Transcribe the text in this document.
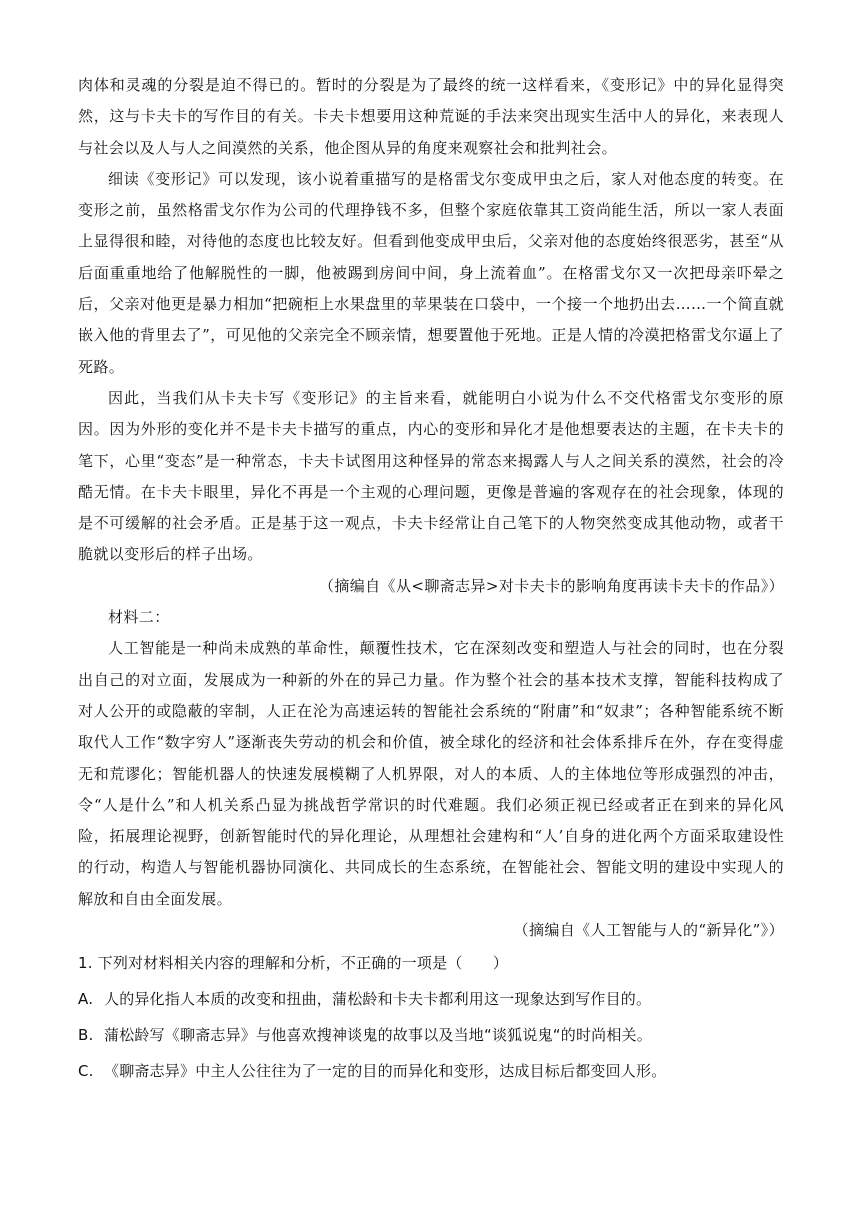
肉体和灵魂的分裂是迫不得已的。暂时的分裂是为了最终的统一这样看来，《变形记》中的异化显得突然，这与卡夫卡的写作目的有关。卡夫卡想要用这种荒诞的手法来突出现实生活中人的异化，来表现人与社会以及人与人之间漠然的关系，他企图从异的角度来观察社会和批判社会。

细读《变形记》可以发现，该小说着重描写的是格雷戈尔变成甲虫之后，家人对他态度的转变。在变形之前，虽然格雷戈尔作为公司的代理挣钱不多，但整个家庭依靠其工资尚能生活，所以一家人表面上显得很和睦，对待他的态度也比较友好。但看到他变成甲虫后，父亲对他的态度始终很恶劣，甚至“从后面重重地给了他解脱性的一脚，他被踢到房间中间，身上流着血”。在格雷戈尔又一次把母亲吓晕之后，父亲对他更是暴力相加“把碗柜上水果盘里的苹果装在口袋中，一个接一个地扔出去……一个简直就嵌入他的背里去了”，可见他的父亲完全不顾亲情，想要置他于死地。正是人情的冷漠把格雷戈尔逼上了死路。

因此，当我们从卡夫卡写《变形记》的主旨来看，就能明白小说为什么不交代格雷戈尔变形的原因。因为外形的变化并不是卡夫卡描写的重点，内心的变形和异化才是他想要表达的主题，在卡夫卡的笔下，心里“变态”是一种常态，卡夫卡试图用这种怪异的常态来揭露人与人之间关系的漠然，社会的冷酷无情。在卡夫卡眼里，异化不再是一个主观的心理问题，更像是普遍的客观存在的社会现象，体现的是不可缓解的社会矛盾。正是基于这一观点，卡夫卡经常让自己笔下的人物突然变成其他动物，或者干脆就以变形后的样子出场。

（摘编自《从<聊斋志异>对卡夫卡的影响角度再读卡夫卡的作品》）

材料二：

人工智能是一种尚未成熟的革命性，颠覆性技术，它在深刻改变和塑造人与社会的同时，也在分裂出自己的对立面，发展成为一种新的外在的异己力量。作为整个社会的基本技术支撑，智能科技构成了对人公开的或隐蔽的宰制，人正在沦为高速运转的智能社会系统的“附庸”和“奴隶”；各种智能系统不断取代人工作“数字穷人”逐渐丧失劳动的机会和价值，被全球化的经济和社会体系排斥在外，存在变得虚无和荒谬化；智能机器人的快速发展模糊了人机界限，对人的本质、人的主体地位等形成强烈的冲击，令“人是什么”和人机关系凸显为挑战哲学常识的时代难题。我们必须正视已经或者正在到来的异化风险，拓展理论视野，创新智能时代的异化理论，从理想社会建构和“人’自身的进化两个方面采取建设性的行动，构造人与智能机器协同演化、共同成长的生态系统，在智能社会、智能文明的建设中实现人的解放和自由全面发展。

（摘编自《人工智能与人的“新异化”》）

1. 下列对材料相关内容的理解和分析，不正确的一项是（　　）

A. 人的异化指人本质的改变和扭曲，蒲松龄和卡夫卡都利用这一现象达到写作目的。

B. 蒲松龄写《聊斋志异》与他喜欢搜神谈鬼的故事以及当地“谈狐说鬼“的时尚相关。

C. 《聊斋志异》中主人公往往为了一定的目的而异化和变形，达成目标后都变回人形。
